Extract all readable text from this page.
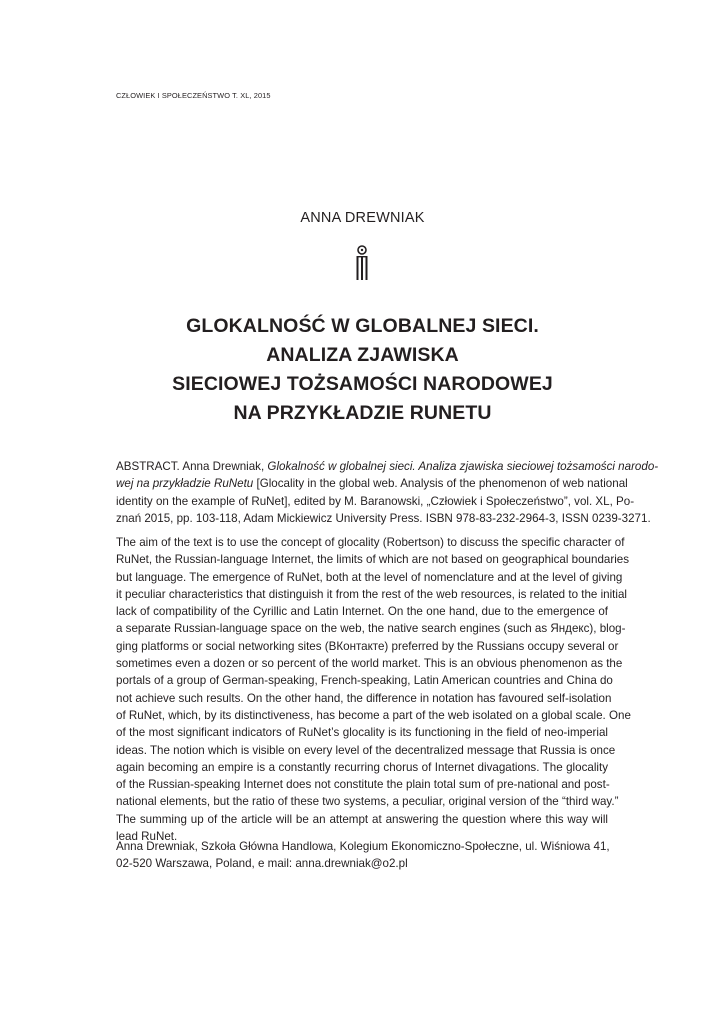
CZŁOWIEK I SPOŁECZEŃSTWO T. XL, 2015
ANNA DREWNIAK
GLOKALNOŚĆ W GLOBALNEJ SIECI.
ANALIZA ZJAWISKA
SIECIOWEJ TOŻSAMOŚCI NARODOWEJ
NA PRZYKŁADZIE RUNETU
ABSTRACT. Anna Drewniak, Glokalność w globalnej sieci. Analiza zjawiska sieciowej tożsamości narodo-
wej na przykładzie RuNetu [Glocality in the global web. Analysis of the phenomenon of web national
identity on the example of RuNet], edited by M. Baranowski, „Człowiek i Społeczeństwo”, vol. XL, Po-
znań 2015, pp. 103-118, Adam Mickiewicz University Press. ISBN 978-83-232-2964-3, ISSN 0239-3271.
The aim of the text is to use the concept of glocality (Robertson) to discuss the specific character of
RuNet, the Russian-language Internet, the limits of which are not based on geographical boundaries
but language. The emergence of RuNet, both at the level of nomenclature and at the level of giving
it peculiar characteristics that distinguish it from the rest of the web resources, is related to the initial
lack of compatibility of the Cyrillic and Latin Internet. On the one hand, due to the emergence of
a separate Russian-language space on the web, the native search engines (such as Яндекс), blog-
ging platforms or social networking sites (ВКонтакте) preferred by the Russians occupy several or
sometimes even a dozen or so percent of the world market. This is an obvious phenomenon as the
portals of a group of German-speaking, French-speaking, Latin American countries and China do
not achieve such results. On the other hand, the difference in notation has favoured self-isolation
of RuNet, which, by its distinctiveness, has become a part of the web isolated on a global scale. One
of the most significant indicators of RuNet’s glocality is its functioning in the field of neo-imperial
ideas. The notion which is visible on every level of the decentralized message that Russia is once
again becoming an empire is a constantly recurring chorus of Internet divagations. The glocality
of the Russian-speaking Internet does not constitute the plain total sum of pre-national and post-
national elements, but the ratio of these two systems, a peculiar, original version of the “third way.”
The summing up of the article will be an attempt at answering the question where this way will
lead RuNet.
Anna Drewniak, Szkoła Główna Handlowa, Kolegium Ekonomiczno-Społeczne, ul. Wiśniowa 41,
02-520 Warszawa, Poland, e mail: anna.drewniak@o2.pl
